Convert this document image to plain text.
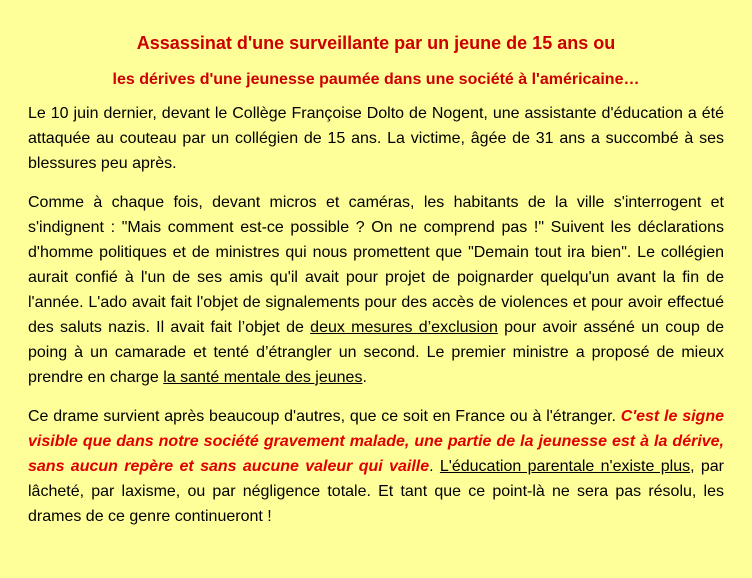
Assassinat d'une surveillante par un jeune de 15 ans ou
les dérives d'une jeunesse paumée dans une société à l'américaine…

Le 10 juin dernier, devant le Collège Françoise Dolto de Nogent, une assistante d'éducation a été attaquée au couteau par un collégien de 15 ans. La victime, âgée de 31 ans a succombé à ses blessures peu après.

Comme à chaque fois, devant micros et caméras, les habitants de la ville s'interrogent et s'indignent : "Mais comment est-ce possible ? On ne comprend pas !" Suivent les déclarations d'homme politiques et de ministres qui nous promettent que "Demain tout ira bien". Le collégien aurait confié à l'un de ses amis qu'il avait pour projet de poignarder quelqu'un avant la fin de l'année. L'ado avait fait l'objet de signalements pour des accès de violences et pour avoir effectué des saluts nazis. Il avait fait l’objet de deux mesures d’exclusion pour avoir asséné un coup de poing à un camarade et tenté d’étrangler un second. Le premier ministre a proposé de mieux prendre en charge la santé mentale des jeunes.

Ce drame survient après beaucoup d'autres, que ce soit en France ou à l'étranger. C'est le signe visible que dans notre société gravement malade, une partie de la jeunesse est à la dérive, sans aucun repère et sans aucune valeur qui vaille. L'éducation parentale n'existe plus, par lâcheté, par laxisme, ou par négligence totale. Et tant que ce point-là ne sera pas résolu, les drames de ce genre continueront !
